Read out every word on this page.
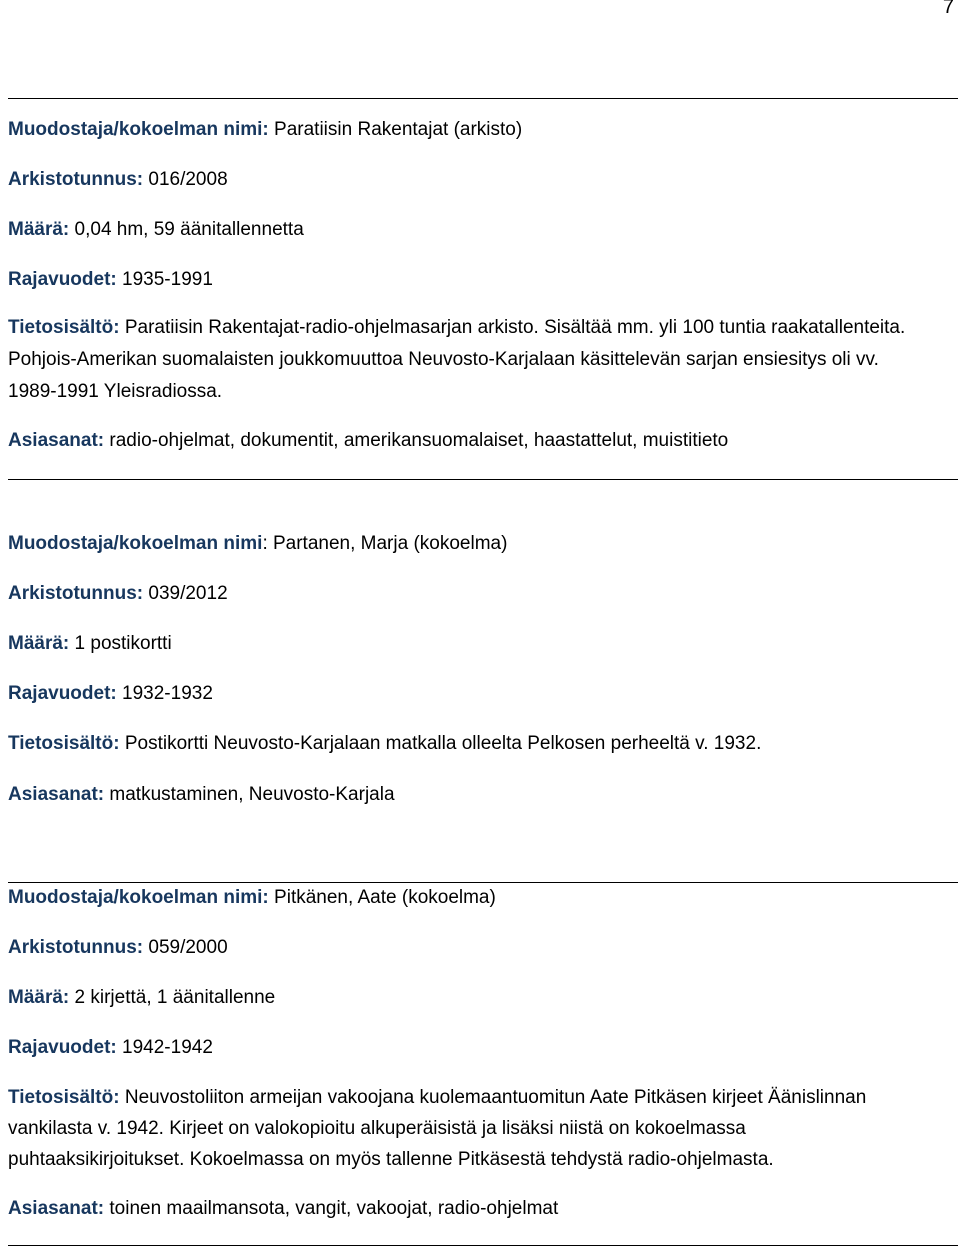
7
Muodostaja/kokoelman nimi: Paratiisin Rakentajat (arkisto)
Arkistotunnus: 016/2008
Määrä: 0,04 hm, 59 äänitallennetta
Rajavuodet: 1935-1991
Tietosisältö: Paratiisin Rakentajat-radio-ohjelmasarjan arkisto. Sisältää mm. yli 100 tuntia raakatallenteita.
Pohjois-Amerikan suomalaisten joukkomuuttoa Neuvosto-Karjalaan käsittelevän sarjan ensiesitys oli vv.
1989-1991 Yleisradiossa.
Asiasanat: radio-ohjelmat, dokumentit, amerikansuomalaiset, haastattelut, muistitieto
Muodostaja/kokoelman nimi: Partanen, Marja (kokoelma)
Arkistotunnus: 039/2012
Määrä: 1 postikortti
Rajavuodet: 1932-1932
Tietosisältö: Postikortti Neuvosto-Karjalaan matkalla olleelta Pelkosen perheeltä v. 1932.
Asiasanat: matkustaminen, Neuvosto-Karjala
Muodostaja/kokoelman nimi: Pitkänen, Aate (kokoelma)
Arkistotunnus: 059/2000
Määrä: 2 kirjettä, 1 äänitallenne
Rajavuodet: 1942-1942
Tietosisältö: Neuvostoliiton armeijan vakoojana kuolemaantuomitun Aate Pitkäsen kirjeet Äänislinnan
vankilasta v. 1942. Kirjeet on valokopioitu alkuperäisistä ja lisäksi niistä on kokoelmassa
puhtaaksikirjoitukset. Kokoelmassa on myös tallenne Pitkäsestä tehdystä radio-ohjelmasta.
Asiasanat: toinen maailmansota, vangit, vakoojat, radio-ohjelmat
